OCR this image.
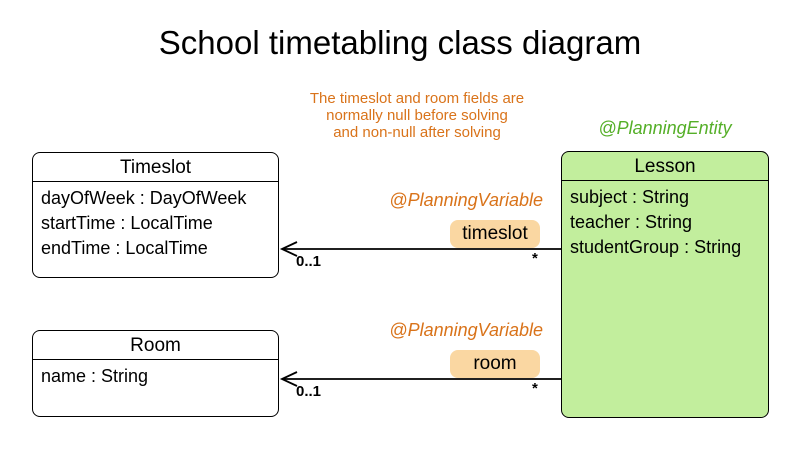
School timetabling class diagram
The timeslot and room fields are
normally null before solving
and non-null after solving
Timeslot
dayOfWeek : DayOfWeek
startTime : LocalTime
endTime : LocalTime
Room
name : String
Lesson
subject : String
teacher : String
studentGroup : String
@PlanningEntity
@PlanningVariable
@PlanningVariable
timeslot
room
0..1	*
0..1	*
